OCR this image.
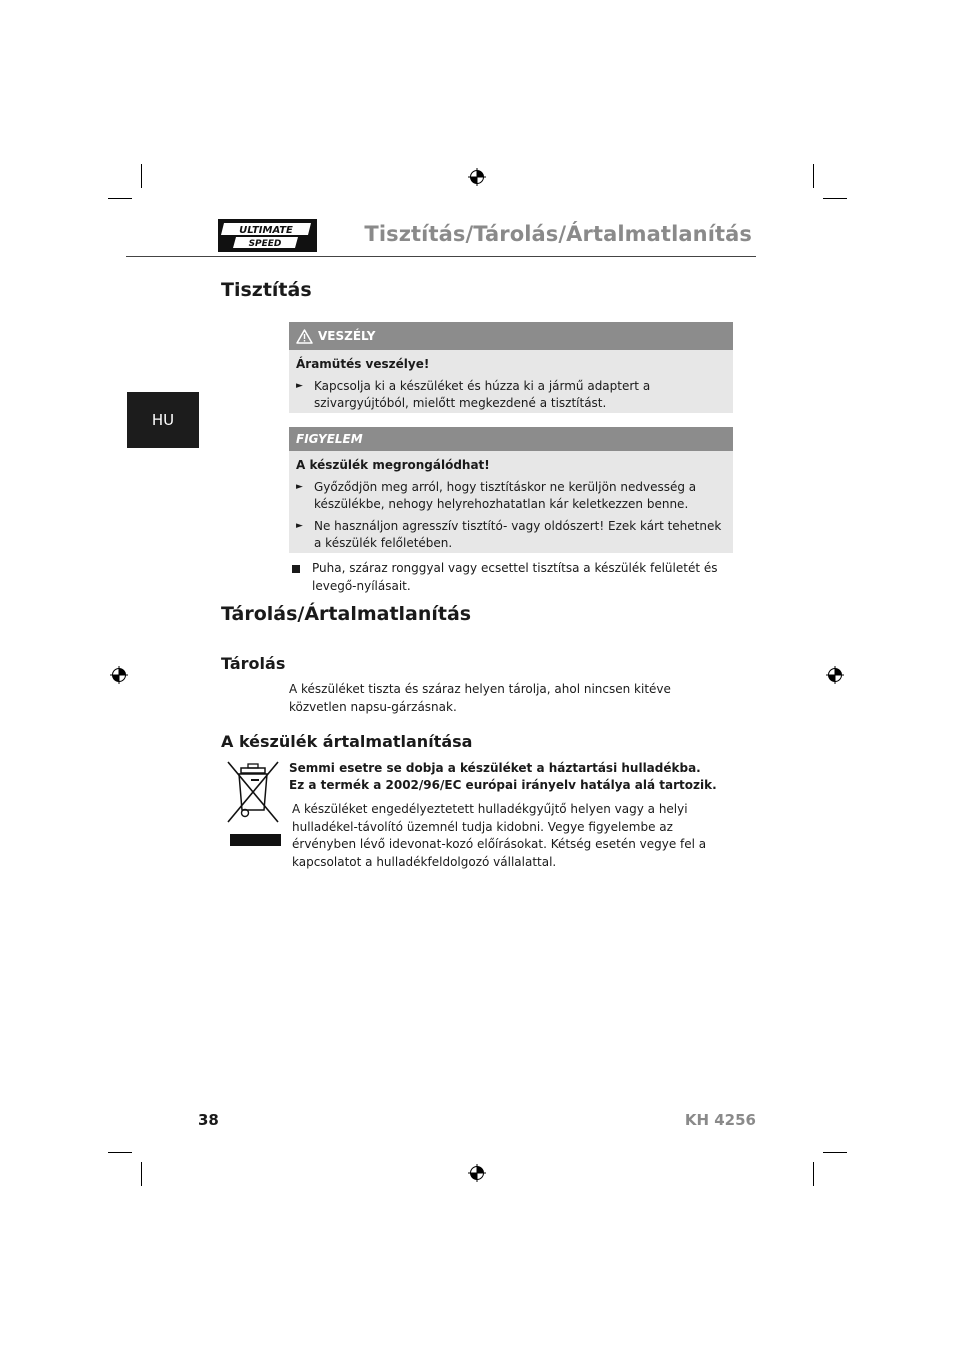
ULTIMATE
SPEED	Tisztítás/Tárolás/Ártalmatlanítás
HU
Tisztítás
VESZÉLY
Áramütés veszélye!
► Kapcsolja ki a készüléket és húzza ki a jármű adaptert a szivargyújtóból, mielőtt megkezdené a tisztítást.
FIGYELEM
A készülék megrongálódhat!
► Győződjön meg arról, hogy tisztításkor ne kerüljön nedvesség a készülékbe, nehogy helyrehozhatatlan kár keletkezzen benne.
► Ne használjon agresszív tisztító- vagy oldószert! Ezek kárt tehetnek a készülék felőletében.
Puha, száraz ronggyal vagy ecsettel tisztítsa a készülék felületét és levegő-nyílásait.
Tárolás/Ártalmatlanítás
Tárolás
A készüléket tiszta és száraz helyen tárolja, ahol nincsen kitéve közvetlen napsu-gárzásnak.
A készülék ártalmatlanítása
Semmi esetre se dobja a készüléket a háztartási hulladékba.
Ez a termék a 2002/96/EC európai irányelv hatálya alá tartozik.
A készüléket engedélyeztetett hulladékgyűjtő helyen vagy a helyi hulladékel-távolító üzemnél tudja kidobni. Vegye figyelembe az érvényben lévő idevonat-kozó előírásokat. Kétség esetén vegye fel a kapcsolatot a hulladékfeldolgozó vállalattal.
38	KH 4256
